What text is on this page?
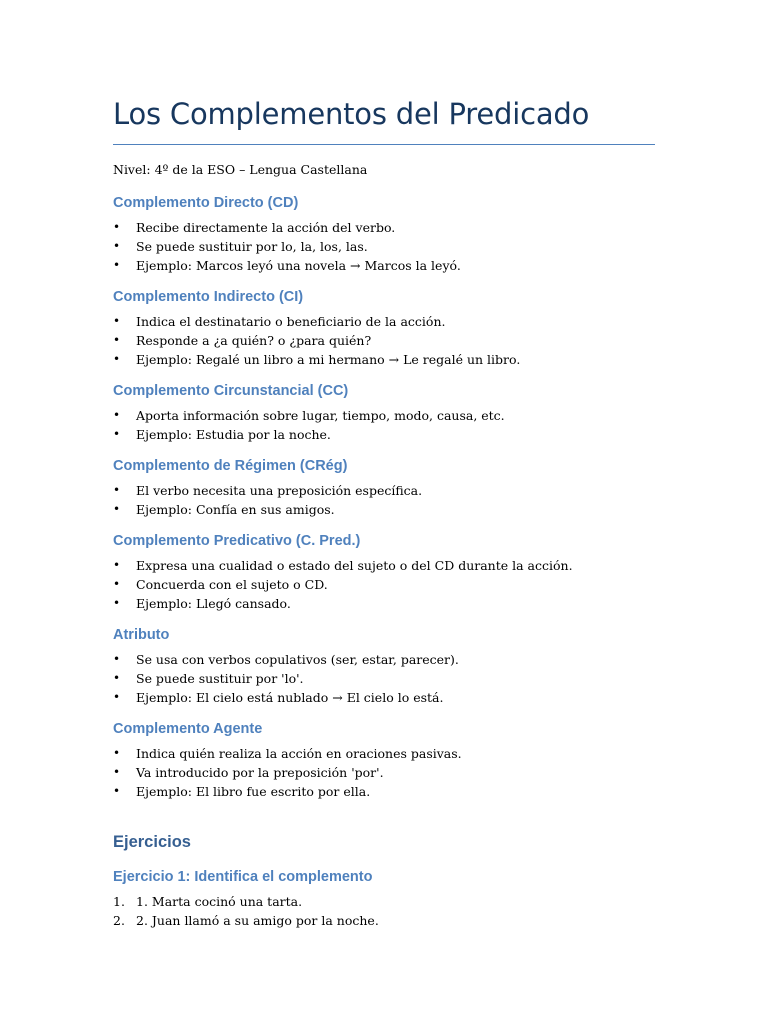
Los Complementos del Predicado

Nivel: 4º de la ESO – Lengua Castellana

Complemento Directo (CD)
•	Recibe directamente la acción del verbo.
•	Se puede sustituir por lo, la, los, las.
•	Ejemplo: Marcos leyó una novela → Marcos la leyó.
Complemento Indirecto (CI)
•	Indica el destinatario o beneficiario de la acción.
•	Responde a ¿a quién? o ¿para quién?
•	Ejemplo: Regalé un libro a mi hermano → Le regalé un libro.
Complemento Circunstancial (CC)
•	Aporta información sobre lugar, tiempo, modo, causa, etc.
•	Ejemplo: Estudia por la noche.
Complemento de Régimen (CRég)
•	El verbo necesita una preposición específica.
•	Ejemplo: Confía en sus amigos.
Complemento Predicativo (C. Pred.)
•	Expresa una cualidad o estado del sujeto o del CD durante la acción.
•	Concuerda con el sujeto o CD.
•	Ejemplo: Llegó cansado.
Atributo
•	Se usa con verbos copulativos (ser, estar, parecer).
•	Se puede sustituir por 'lo'.
•	Ejemplo: El cielo está nublado → El cielo lo está.
Complemento Agente
•	Indica quién realiza la acción en oraciones pasivas.
•	Va introducido por la preposición 'por'.
•	Ejemplo: El libro fue escrito por ella.
Ejercicios
Ejercicio 1: Identifica el complemento
1. 1. Marta cocinó una tarta.
2. 2. Juan llamó a su amigo por la noche.
